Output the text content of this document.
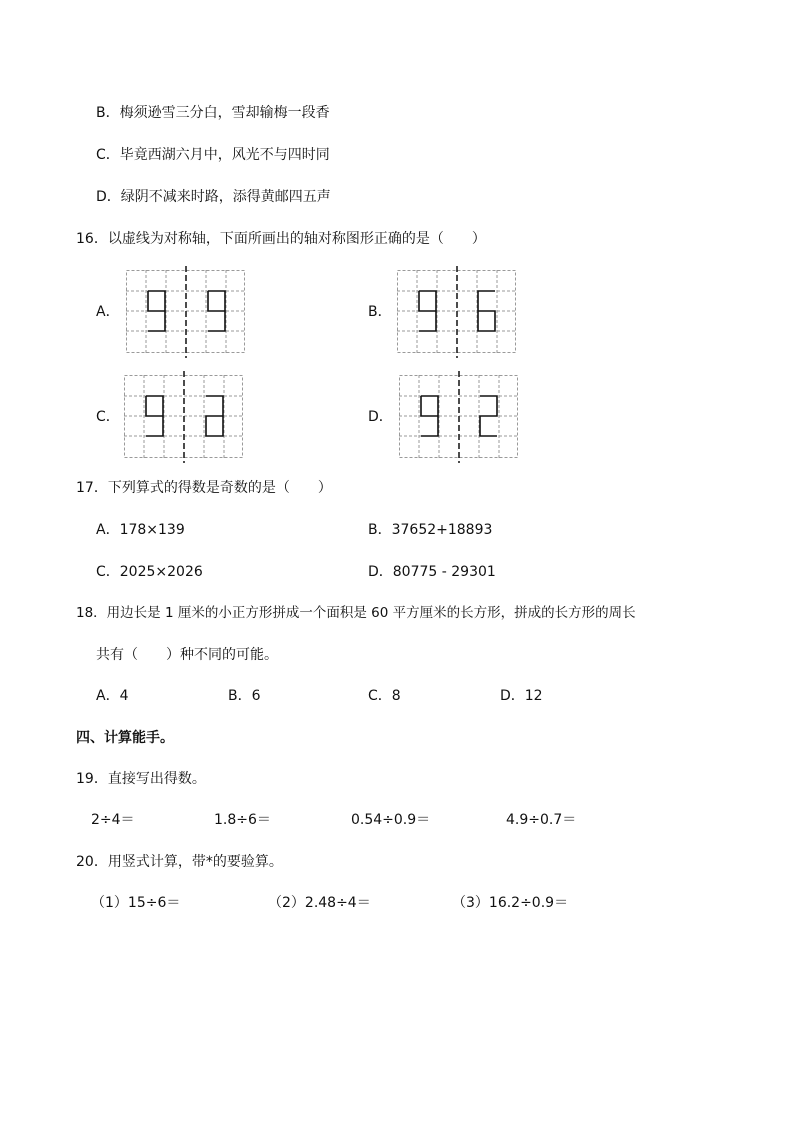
B．梅须逊雪三分白，雪却输梅一段香
C．毕竟西湖六月中，风光不与四时同
D．绿阴不减来时路，添得黄邮四五声
16．以虚线为对称轴，下面所画出的轴对称图形正确的是（　　）
A．	B．
C．	D．
17．下列算式的得数是奇数的是（　　）
A．178×139	B．37652+18893
C．2025×2026	D．80775 - 29301
18．用边长是 1 厘米的小正方形拼成一个面积是 60 平方厘米的长方形，拼成的长方形的周长
共有（　　）种不同的可能。
A．4	B．6	C．8	D．12
四、计算能手。
19．直接写出得数。
2÷4＝	1.8÷6＝	0.54÷0.9＝	4.9÷0.7＝
20．用竖式计算，带*的要验算。
（1）15÷6＝	（2）2.48÷4＝	（3）16.2÷0.9＝
